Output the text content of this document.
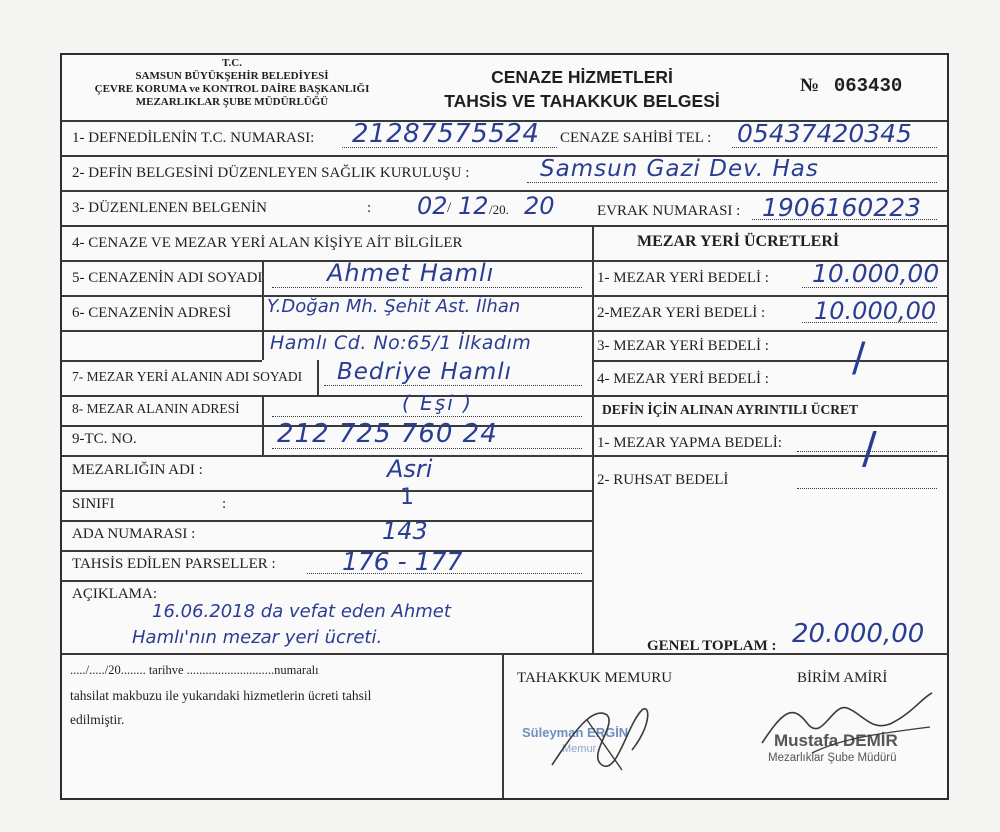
T.C.
SAMSUN BÜYÜKŞEHİR BELEDİYESİ
ÇEVRE KORUMA ve KONTROL DAİRE BAŞKANLIĞI
MEZARLIKLAR ŞUBE MÜDÜRLÜĞÜ
CENAZE HİZMETLERİ
TAHSİS VE TAHAKKUK BELGESİ
№ 063430
1- DEFNEDİLENİN T.C. NUMARASI: 21287575524 CENAZE SAHİBİ TEL : 05437420345
2- DEFİN BELGESİNİ DÜZENLEYEN SAĞLIK KURULUŞU :	Samsun Gazi Dev. Has
3- DÜZENLENEN BELGENİN	: 02 / 12 /20. 20	EVRAK NUMARASI : 1906160223
4- CENAZE VE MEZAR YERİ ALAN KİŞİYE AİT BİLGİLER	MEZAR YERİ ÜCRETLERİ
5- CENAZENİN ADI SOYADI	Ahmet Hamlı	1- MEZAR YERİ BEDELİ : 10.000,00
6- CENAZENİN ADRESİ Y.Doğan Mh. Şehit Ast. İlhan
Hamlı Cd. No:65/1 İlkadım
2-MEZAR YERİ BEDELİ : 10.000,00
3- MEZAR YERİ BEDELİ : /
7- MEZAR YERİ ALANIN ADI SOYADI Bedriye Hamlı	4- MEZAR YERİ BEDELİ :
8- MEZAR ALANIN ADRESİ	( Eşi )	DEFİN İÇİN ALINAN AYRINTILI ÜCRET
9-TC. NO.	212 725 760 24	1- MEZAR YAPMA BEDELİ: /
MEZARLIĞIN ADI :	Asri	2- RUHSAT BEDELİ
SINIFI	:	1
ADA NUMARASI :	143
TAHSİS EDİLEN PARSELLER :	176 - 177
AÇIKLAMA:
16.06.2018 da vefat eden Ahmet
Hamlı'nın mezar yeri ücreti.	GENEL TOPLAM : 20.000,00
...../...../20........ tarihve ............................numaralı
tahsilat makbuzu ile yukarıdaki hizmetlerin ücreti tahsil
edilmiştir.
TAHAKKUK MEMURU	BİRİM AMİRİ
Süleyman ERGİN
Memur	Mustafa DEMİR
Mezarlıklar Şube Müdürü
